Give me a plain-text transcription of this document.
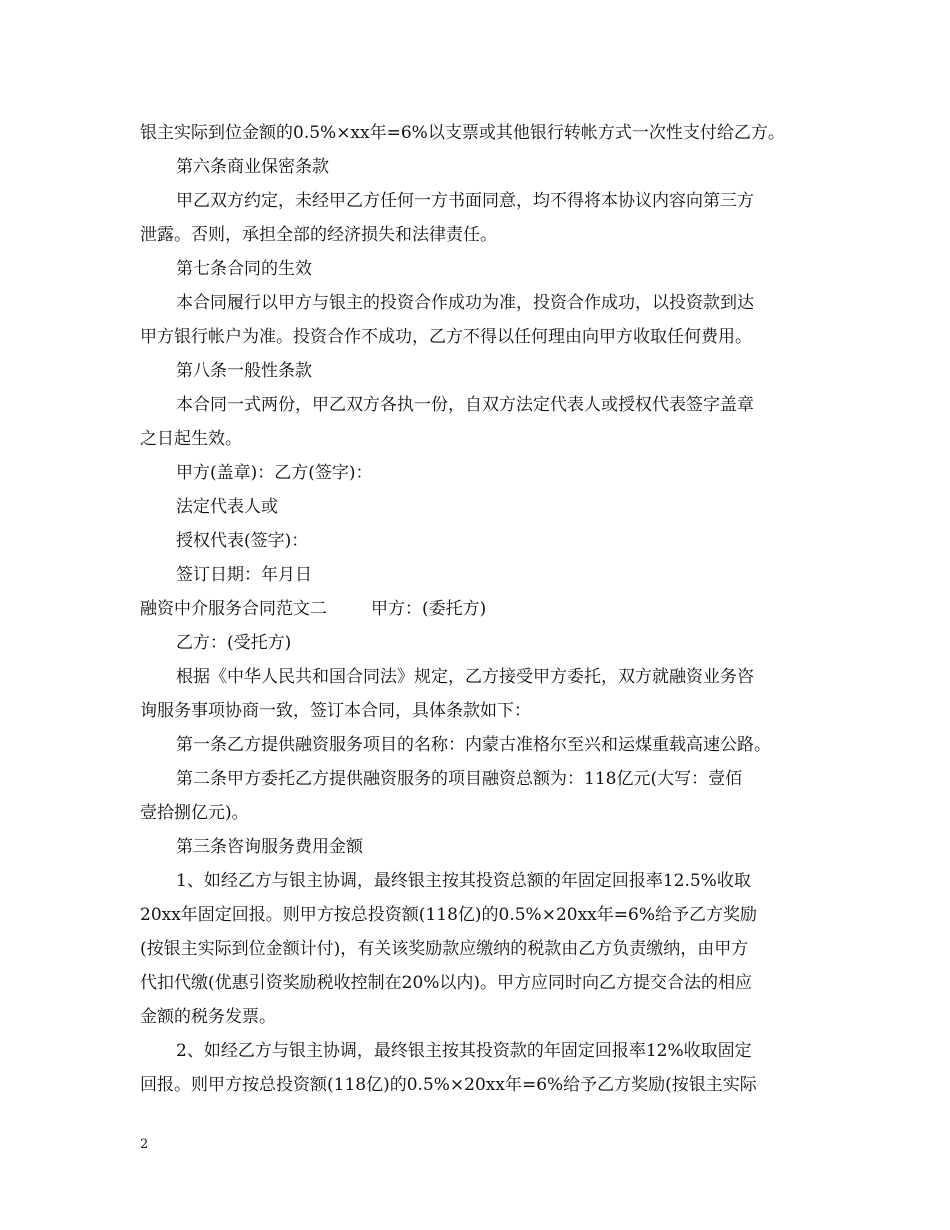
银主实际到位金额的0.5%×xx年=6%以支票或其他银行转帐方式一次性支付给乙方。
第六条商业保密条款
甲乙双方约定，未经甲乙方任何一方书面同意，均不得将本协议内容向第三方
泄露。否则，承担全部的经济损失和法律责任。
第七条合同的生效
本合同履行以甲方与银主的投资合作成功为准，投资合作成功，以投资款到达
甲方银行帐户为准。投资合作不成功，乙方不得以任何理由向甲方收取任何费用。
第八条一般性条款
本合同一式两份，甲乙双方各执一份，自双方法定代表人或授权代表签字盖章
之日起生效。
甲方(盖章)：乙方(签字)：
法定代表人或
授权代表(签字)：
签订日期：年月日
融资中介服务合同范文二	甲方：(委托方)
乙方：(受托方)
根据《中华人民共和国合同法》规定，乙方接受甲方委托，双方就融资业务咨
询服务事项协商一致，签订本合同，具体条款如下：
第一条乙方提供融资服务项目的名称：内蒙古准格尔至兴和运煤重载高速公路。
第二条甲方委托乙方提供融资服务的项目融资总额为：118亿元(大写：壹佰
壹拾捌亿元)。
第三条咨询服务费用金额
1、如经乙方与银主协调，最终银主按其投资总额的年固定回报率12.5%收取
20xx年固定回报。则甲方按总投资额(118亿)的0.5%×20xx年=6%给予乙方奖励
(按银主实际到位金额计付)，有关该奖励款应缴纳的税款由乙方负责缴纳，由甲方
代扣代缴(优惠引资奖励税收控制在20%以内)。甲方应同时向乙方提交合法的相应
金额的税务发票。
2、如经乙方与银主协调，最终银主按其投资款的年固定回报率12%收取固定
回报。则甲方按总投资额(118亿)的0.5%×20xx年=6%给予乙方奖励(按银主实际
2
